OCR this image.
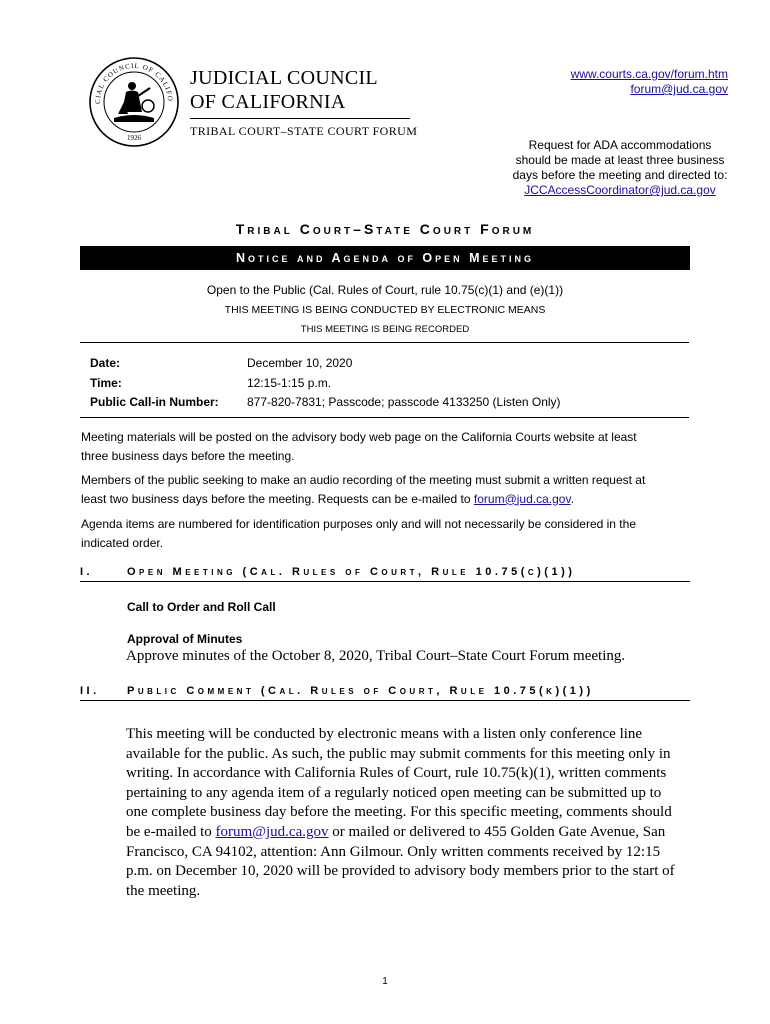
CIAL COUNCIL OF CALIFO
1926
JUDICIAL COUNCIL
OF CALIFORNIA
TRIBAL COURT–STATE COURT FORUM
www.courts.ca.gov/forum.htm
forum@jud.ca.gov
Request for ADA accommodations
should be made at least three business
days before the meeting and directed to:
JCCAccessCoordinator@jud.ca.gov
Tribal Court–State Court Forum
Notice and Agenda of Open Meeting
Open to the Public (Cal. Rules of Court, rule 10.75(c)(1) and (e)(1))
THIS MEETING IS BEING CONDUCTED BY ELECTRONIC MEANS
THIS MEETING IS BEING RECORDED
Date:	December 10, 2020
Time:	12:15-1:15 p.m.
Public Call-in Number:	877-820-7831; Passcode; passcode 4133250 (Listen Only)
Meeting materials will be posted on the advisory body web page on the California Courts website at least
three business days before the meeting.
Members of the public seeking to make an audio recording of the meeting must submit a written request at
least two business days before the meeting. Requests can be e-mailed to forum@jud.ca.gov.
Agenda items are numbered for identification purposes only and will not necessarily be considered in the
indicated order.
I.	Open Meeting (Cal. Rules of Court, Rule 10.75(c)(1))
Call to Order and Roll Call
Approval of Minutes
Approve minutes of the October 8, 2020, Tribal Court–State Court Forum meeting.
II. Public Comment (Cal. Rules of Court, Rule 10.75(k)(1))
This meeting will be conducted by electronic means with a listen only conference line
available for the public. As such, the public may submit comments for this meeting only in
writing. In accordance with California Rules of Court, rule 10.75(k)(1), written comments
pertaining to any agenda item of a regularly noticed open meeting can be submitted up to
one complete business day before the meeting. For this specific meeting, comments should
be e-mailed to forum@jud.ca.gov or mailed or delivered to 455 Golden Gate Avenue, San
Francisco, CA 94102, attention: Ann Gilmour. Only written comments received by 12:15
p.m. on December 10, 2020 will be provided to advisory body members prior to the start of
the meeting.
1
